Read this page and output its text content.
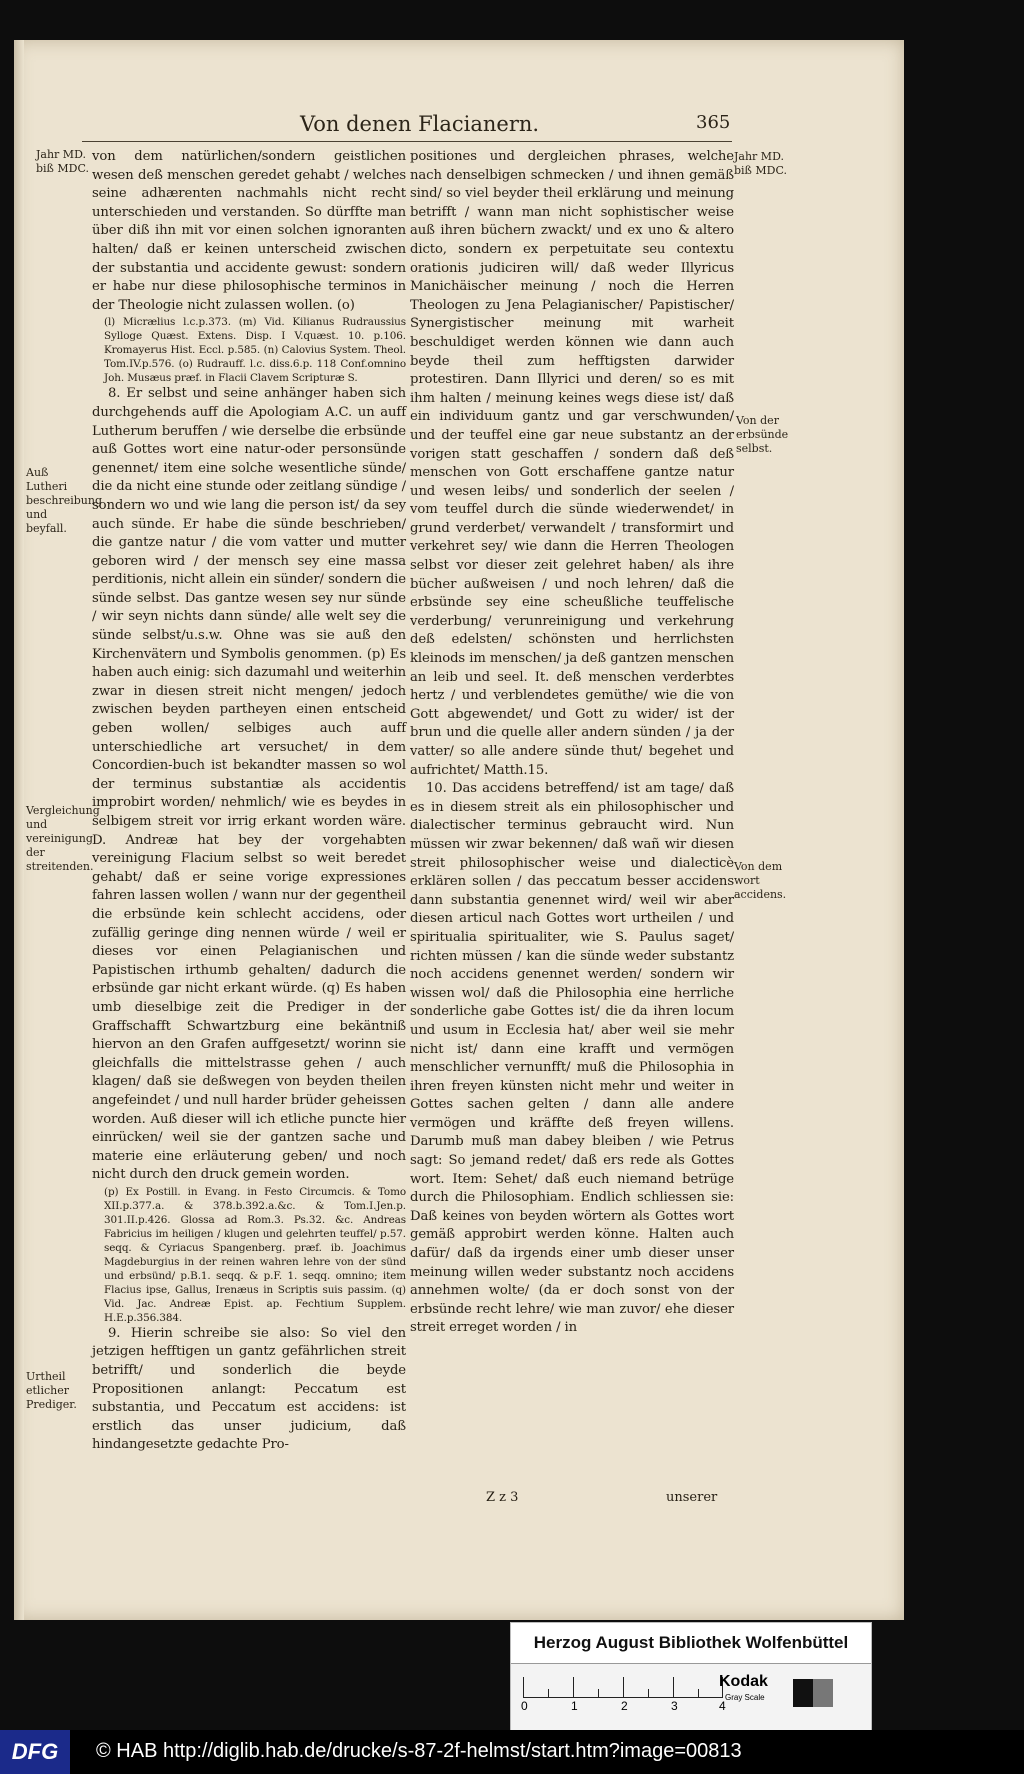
Von denen Flacianern.	365
Jahr MD. biß MDC.
Auß Lutheri beschreibung und beyfall.
Vergleichung und vereinigung der streitenden.
Urtheil etlicher Prediger.
Jahr MD. biß MDC.
Von der erbsünde selbst.
Von dem wort accidens.

von dem natürlichen/sondern geistlichen wesen deß menschen geredet gehabt / welches seine adhærenten nachmahls nicht recht unterschieden und verstanden. So dürffte man über diß ihn mit vor einen solchen ignoranten halten/ daß er keinen unterscheid zwischen der substantia und accidente gewust: sondern er habe nur diese philosophische terminos in der Theologie nicht zulassen wollen. (o)

(l) Micrælius l.c.p.373. (m) Vid. Kilianus Rudraussius Sylloge Quæst. Extens. Disp. I V.quæst. 10. p.106. Kromayerus Hist. Eccl. p.585. (n) Calovius System. Theol. Tom.IV.p.576. (o) Rudrauff. l.c. diss.6.p. 118 Conf.omnino Joh. Musæus præf. in Flacii Clavem Scripturæ S.

8. Er selbst und seine anhänger haben sich durchgehends auff die Apologiam A.C. un auff Lutherum beruffen / wie derselbe die erbsünde auß Gottes wort eine natur-oder personsünde genennet/ item eine solche wesentliche sünde/ die da nicht eine stunde oder zeitlang sündige / sondern wo und wie lang die person ist/ da sey auch sünde. Er habe die sünde beschrieben/ die gantze natur / die vom vatter und mutter geboren wird / der mensch sey eine massa perditionis, nicht allein ein sünder/ sondern die sünde selbst. Das gantze wesen sey nur sünde / wir seyn nichts dann sünde/ alle welt sey die sünde selbst/u.s.w. Ohne was sie auß den Kirchenvätern und Symbolis genommen. (p) Es haben auch einig: sich dazumahl und weiterhin zwar in diesen streit nicht mengen/ jedoch zwischen beyden partheyen einen entscheid geben wollen/ selbiges auch auff unterschiedliche art versuchet/ in dem Concordien-buch ist bekandter massen so wol der terminus substantiæ als accidentis improbirt worden/ nehmlich/ wie es beydes in selbigem streit vor irrig erkant worden wäre. D. Andreæ hat bey der vorgehabten vereinigung Flacium selbst so weit beredet gehabt/ daß er seine vorige expressiones fahren lassen wollen / wann nur der gegentheil die erbsünde kein schlecht accidens, oder zufällig geringe ding nennen würde / weil er dieses vor einen Pelagianischen und Papistischen irthumb gehalten/ dadurch die erbsünde gar nicht erkant würde. (q) Es haben umb dieselbige zeit die Prediger in der Graffschafft Schwartzburg eine bekäntniß hiervon an den Grafen auffgesetzt/ worinn sie gleichfalls die mittelstrasse gehen / auch klagen/ daß sie deßwegen von beyden theilen angefeindet / und null harder brüder geheissen worden. Auß dieser will ich etliche puncte hier einrücken/ weil sie der gantzen sache und materie eine erläuterung geben/ und noch nicht durch den druck gemein worden.

(p) Ex Postill. in Evang. in Festo Circumcis. & Tomo XII.p.377.a. & 378.b.392.a.&c. & Tom.I.Jen.p. 301.II.p.426. Glossa ad Rom.3. Ps.32. &c. Andreas Fabricius im heiligen / klugen und gelehrten teuffel/ p.57. seqq. & Cyriacus Spangenberg. præf. ib. Joachimus Magdeburgius in der reinen wahren lehre von der sünd und erbsünd/ p.B.1. seqq. & p.F. 1. seqq. omnino; item Flacius ipse, Gallus, Irenæus in Scriptis suis passim. (q) Vid. Jac. Andreæ Epist. ap. Fechtium Supplem. H.E.p.356.384.

9. Hierin schreibe sie also: So viel den jetzigen hefftigen un gantz gefährlichen streit betrifft/ und sonderlich die beyde Propositionen anlangt: Peccatum est substantia, und Peccatum est accidens: ist erstlich das unser judicium, daß hindangesetzte gedachte Pro-

positiones und dergleichen phrases, welche nach denselbigen schmecken / und ihnen gemäß sind/ so viel beyder theil erklärung und meinung betrifft / wann man nicht sophistischer weise auß ihren büchern zwackt/ und ex uno & altero dicto, sondern ex perpetuitate seu contextu orationis judiciren will/ daß weder Illyricus Manichäischer meinung / noch die Herren Theologen zu Jena Pelagianischer/ Papistischer/ Synergistischer meinung mit warheit beschuldiget werden können wie dann auch beyde theil zum hefftigsten darwider protestiren. Dann Illyrici und deren/ so es mit ihm halten / meinung keines wegs diese ist/ daß ein individuum gantz und gar verschwunden/ und der teuffel eine gar neue substantz an der vorigen statt geschaffen / sondern daß deß menschen von Gott erschaffene gantze natur und wesen leibs/ und sonderlich der seelen / vom teuffel durch die sünde wiederwendet/ in grund verderbet/ verwandelt / transformirt und verkehret sey/ wie dann die Herren Theologen selbst vor dieser zeit gelehret haben/ als ihre bücher außweisen / und noch lehren/ daß die erbsünde sey eine scheußliche teuffelische verderbung/ verunreinigung und verkehrung deß edelsten/ schönsten und herrlichsten kleinods im menschen/ ja deß gantzen menschen an leib und seel. It. deß menschen verderbtes hertz / und verblendetes gemüthe/ wie die von Gott abgewendet/ und Gott zu wider/ ist der brun und die quelle aller andern sünden / ja der vatter/ so alle andere sünde thut/ begehet und aufrichtet/ Matth.15.

10. Das accidens betreffend/ ist am tage/ daß es in diesem streit als ein philosophischer und dialectischer terminus gebraucht wird. Nun müssen wir zwar bekennen/ daß wañ wir diesen streit philosophischer weise und dialecticè erklären sollen / das peccatum besser accidens dann substantia genennet wird/ weil wir aber diesen articul nach Gottes wort urtheilen / und spiritualia spiritualiter, wie S. Paulus saget/ richten müssen / kan die sünde weder substantz noch accidens genennet werden/ sondern wir wissen wol/ daß die Philosophia eine herrliche sonderliche gabe Gottes ist/ die da ihren locum und usum in Ecclesia hat/ aber weil sie mehr nicht ist/ dann eine krafft und vermögen menschlicher vernunfft/ muß die Philosophia in ihren freyen künsten nicht mehr und weiter in Gottes sachen gelten / dann alle andere vermögen und kräffte deß freyen willens. Darumb muß man dabey bleiben / wie Petrus sagt: So jemand redet/ daß ers rede als Gottes wort. Item: Sehet/ daß euch niemand betrüge durch die Philosophiam. Endlich schliessen sie: Daß keines von beyden wörtern als Gottes wort gemäß approbirt werden könne. Halten auch dafür/ daß da irgends einer umb dieser unser meinung willen weder substantz noch accidens annehmen wolte/ (da er doch sonst von der erbsünde recht lehre/ wie man zuvor/ ehe dieser streit erreget worden / in

Z z 3	unserer
Herzog August Bibliothek Wolfenbüttel
0	1	2	3	4
Kodak
Gray Scale
DFG	© HAB http://diglib.hab.de/drucke/s-87-2f-helmst/start.htm?image=00813
